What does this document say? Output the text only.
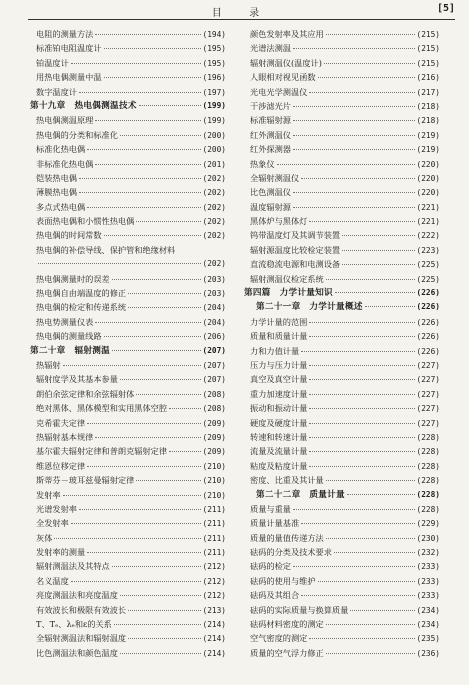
目 录	[5]
电阻的测量方法	(194)
标准铂电阻温度计	(195)
铂温度计	(195)
用热电偶测量中温	(196)
数字温度计	(197)
第十九章　热电偶测温技术	(199)
热电偶测温原理	(199)
热电偶的分类和标准化	(200)
标准化热电偶	(200)
非标准化热电偶	(201)
铠装热电偶	(202)
薄膜热电偶	(202)
多点式热电偶	(202)
表面热电偶和小惯性热电偶	(202)
热电偶的时间常数	(202)
热电偶的补偿导线、保护管和绝缘材料
(202)
热电偶测量时的误差	(203)
热电偶自由端温度的修正	(203)
热电偶的检定和传递系统	(204)
热电势测量仪表	(204)
热电偶的测量线路	(206)
第二十章　辐射测温	(207)
热辐射	(207)
辐射度学及其基本参量	(207)
朗伯余弦定律和余弦辐射体	(208)
绝对黑体、黑体模型和实用黑体空腔	(208)
克希霍夫定律	(209)
热辐射基本规律	(209)
基尔霍夫辐射定律和普朗克辐射定律	(209)
维恩位移定律	(210)
斯蒂芬－玻耳兹曼辐射定律	(210)
发射率	(210)
光谱发射率	(211)
全发射率	(211)
灰体	(211)
发射率的测量	(211)
辐射测温法及其特点	(212)
名义温度	(212)
亮度测温法和亮度温度	(212)
有效波长和极限有效波长	(213)
T、Tₑ、λₑ和ε的关系	(214)
全辐射测温法和辐射温度	(214)
比色测温法和颜色温度	(214)
颜色发射率及其应用	(215)
光谱法测温	(215)
辐射测温仪(温度计)	(215)
人眼相对视见函数	(216)
光电光学测温仪	(217)
干涉滤光片	(218)
标准辐射源	(218)
红外测温仪	(219)
红外探测器	(219)
热象仪	(220)
全辐射测温仪	(220)
比色测温仪	(220)
温度辐射源	(221)
黑体炉与黑体灯	(221)
钨带温度灯及其调节装置	(222)
辐射源温度比较检定装置	(223)
直流稳流电源和电测设备	(225)
辐射测温仪检定系统	(225)
第四篇　力学计量知识	(226)
第二十一章　力学计量概述	(226)
力学计量的范围	(226)
质量和质量计量	(226)
力和力值计量	(226)
压力与压力计量	(227)
真空及真空计量	(227)
重力加速度计量	(227)
振动和振动计量	(227)
硬度及硬度计量	(227)
转速和转速计量	(228)
流量及流量计量	(228)
粘度及粘度计量	(228)
密度、比重及其计量	(228)
第二十二章　质量计量	(228)
质量与重量	(228)
质量计量基准	(229)
质量的量值传递方法	(230)
砝码的分类及技术要求	(232)
砝码的检定	(233)
砝码的使用与维护	(233)
砝码及其组合	(233)
砝码的实际质量与换算质量	(234)
砝码材料密度的测定	(234)
空气密度的测定	(235)
质量的空气浮力修正	(236)
